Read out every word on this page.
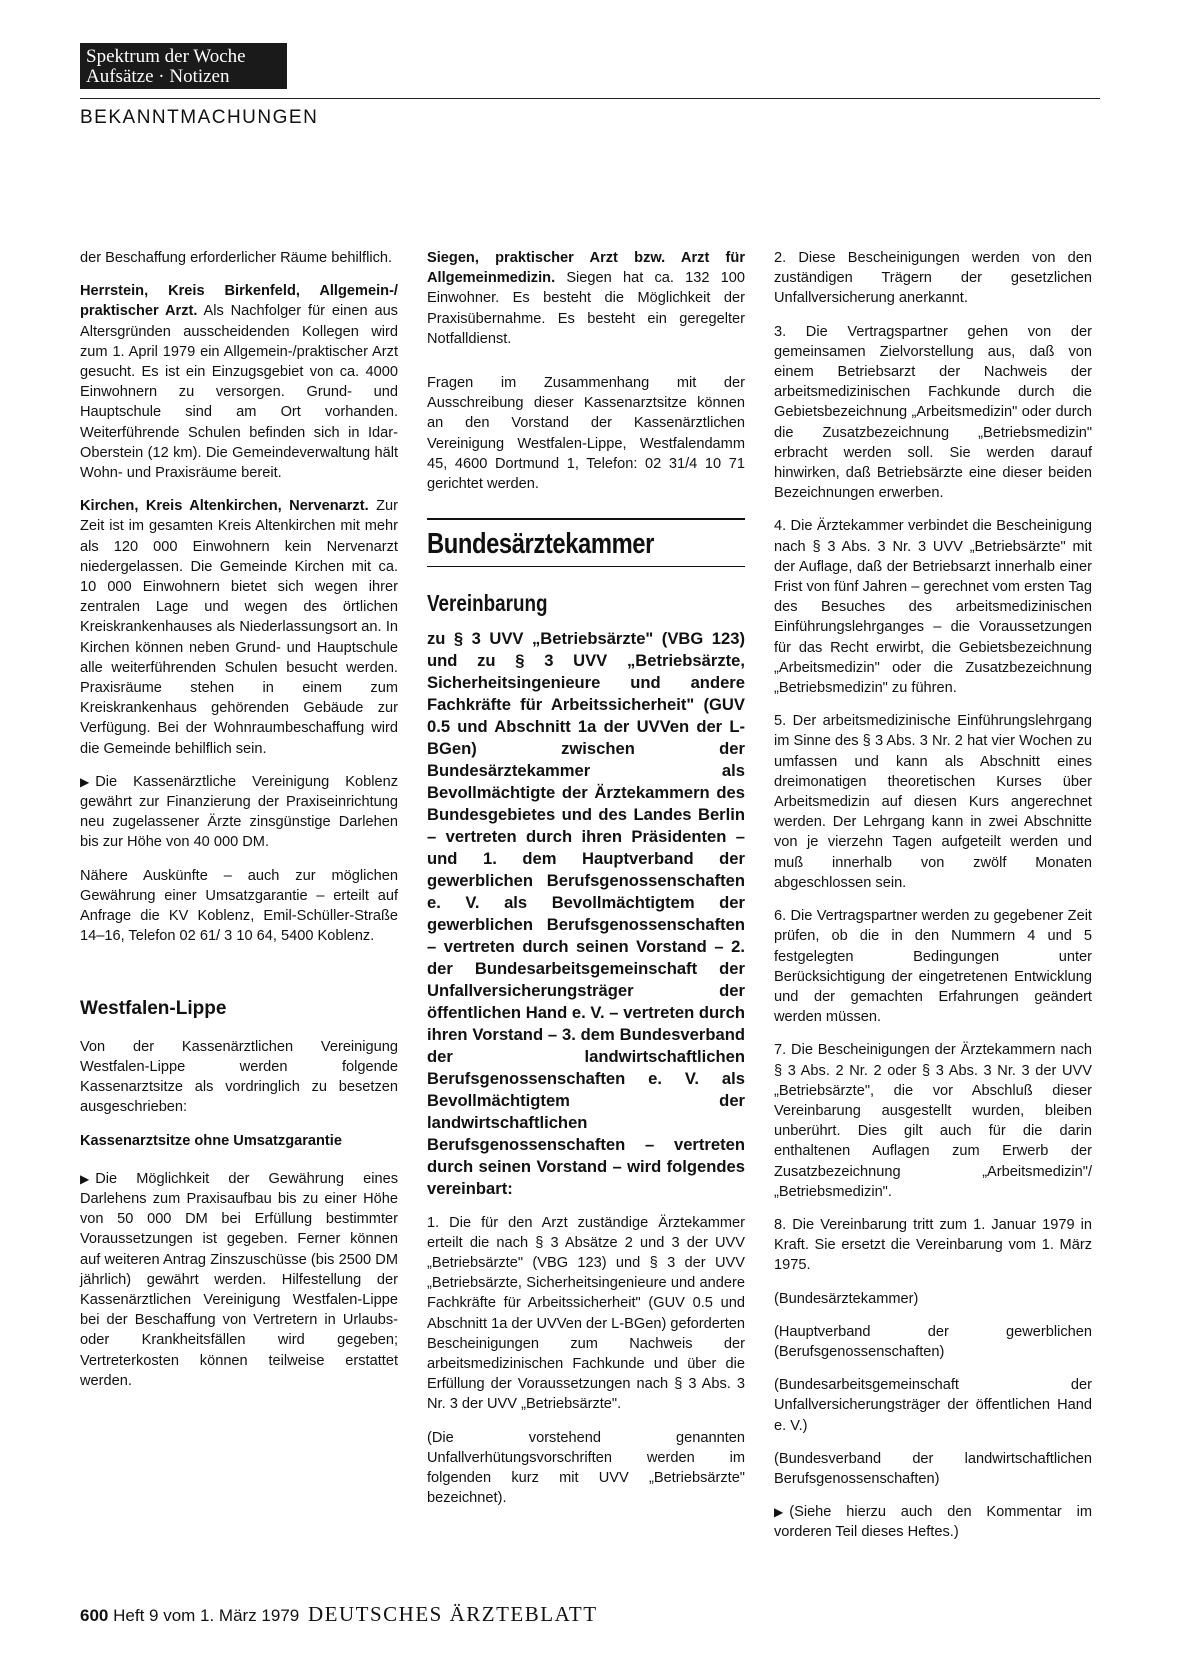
Spektrum der Woche
Aufsätze · Notizen
BEKANNTMACHUNGEN

der Beschaffung erforderlicher Räume behilflich.

Herrstein, Kreis Birkenfeld, Allgemein-/ praktischer Arzt. Als Nachfolger für einen aus Altersgründen ausscheidenden Kollegen wird zum 1. April 1979 ein Allgemein-/praktischer Arzt gesucht. Es ist ein Einzugsgebiet von ca. 4000 Einwohnern zu versorgen. Grund- und Hauptschule sind am Ort vorhanden. Weiterführende Schulen befinden sich in Idar-Oberstein (12 km). Die Gemeindeverwaltung hält Wohn- und Praxisräume bereit.

Kirchen, Kreis Altenkirchen, Nervenarzt. Zur Zeit ist im gesamten Kreis Altenkirchen mit mehr als 120 000 Einwohnern kein Nervenarzt niedergelassen. Die Gemeinde Kirchen mit ca. 10 000 Einwohnern bietet sich wegen ihrer zentralen Lage und wegen des örtlichen Kreiskrankenhauses als Niederlassungsort an. In Kirchen können neben Grund- und Hauptschule alle weiterführenden Schulen besucht werden. Praxisräume stehen in einem zum Kreiskrankenhaus gehörenden Gebäude zur Verfügung. Bei der Wohnraumbeschaffung wird die Gemeinde behilflich sein.

▶ Die Kassenärztliche Vereinigung Koblenz gewährt zur Finanzierung der Praxiseinrichtung neu zugelassener Ärzte zinsgünstige Darlehen bis zur Höhe von 40 000 DM.

Nähere Auskünfte – auch zur möglichen Gewährung einer Umsatzgarantie – erteilt auf Anfrage die KV Koblenz, Emil-Schüller-Straße 14–16, Telefon 02 61/ 3 10 64, 5400 Koblenz.

Westfalen-Lippe

Von der Kassenärztlichen Vereinigung Westfalen-Lippe werden folgende Kassenarztsitze als vordringlich zu besetzen ausgeschrieben:

Kassenarztsitze ohne Umsatzgarantie

▶ Die Möglichkeit der Gewährung eines Darlehens zum Praxisaufbau bis zu einer Höhe von 50 000 DM bei Erfüllung bestimmter Voraussetzungen ist gegeben. Ferner können auf weiteren Antrag Zinszuschüsse (bis 2500 DM jährlich) gewährt werden. Hilfestellung der Kassenärztlichen Vereinigung Westfalen-Lippe bei der Beschaffung von Vertretern in Urlaubs- oder Krankheitsfällen wird gegeben; Vertreterkosten können teilweise erstattet werden.

Siegen, praktischer Arzt bzw. Arzt für Allgemeinmedizin. Siegen hat ca. 132 100 Einwohner. Es besteht die Möglichkeit der Praxisübernahme. Es besteht ein geregelter Notfalldienst.

Fragen im Zusammenhang mit der Ausschreibung dieser Kassenarztsitze können an den Vorstand der Kassenärztlichen Vereinigung Westfalen-Lippe, Westfalendamm 45, 4600 Dortmund 1, Telefon: 02 31/4 10 71 gerichtet werden.

Bundesärztekammer
Vereinbarung

zu § 3 UVV „Betriebsärzte" (VBG 123) und zu § 3 UVV „Betriebsärzte, Sicherheitsingenieure und andere Fachkräfte für Arbeitssicherheit" (GUV 0.5 und Abschnitt 1a der UVVen der L-BGen) zwischen der Bundesärztekammer als Bevollmächtigte der Ärztekammern des Bundesgebietes und des Landes Berlin – vertreten durch ihren Präsidenten – und 1. dem Hauptverband der gewerblichen Berufsgenossenschaften e. V. als Bevollmächtigtem der gewerblichen Berufsgenossenschaften – vertreten durch seinen Vorstand – 2. der Bundesarbeitsgemeinschaft der Unfallversicherungsträger der öffentlichen Hand e. V. – vertreten durch ihren Vorstand – 3. dem Bundesverband der landwirtschaftlichen Berufsgenossenschaften e. V. als Bevollmächtigtem der landwirtschaftlichen Berufsgenossenschaften – vertreten durch seinen Vorstand – wird folgendes vereinbart:

1. Die für den Arzt zuständige Ärztekammer erteilt die nach § 3 Absätze 2 und 3 der UVV „Betriebsärzte" (VBG 123) und § 3 der UVV „Betriebsärzte, Sicherheitsingenieure und andere Fachkräfte für Arbeitssicherheit" (GUV 0.5 und Abschnitt 1a der UVVen der L-BGen) geforderten Bescheinigungen zum Nachweis der arbeitsmedizinischen Fachkunde und über die Erfüllung der Voraussetzungen nach § 3 Abs. 3 Nr. 3 der UVV „Betriebsärzte".

(Die vorstehend genannten Unfallverhütungsvorschriften werden im folgenden kurz mit UVV „Betriebsärzte" bezeichnet).

2. Diese Bescheinigungen werden von den zuständigen Trägern der gesetzlichen Unfallversicherung anerkannt.

3. Die Vertragspartner gehen von der gemeinsamen Zielvorstellung aus, daß von einem Betriebsarzt der Nachweis der arbeitsmedizinischen Fachkunde durch die Gebietsbezeichnung „Arbeitsmedizin" oder durch die Zusatzbezeichnung „Betriebsmedizin" erbracht werden soll. Sie werden darauf hinwirken, daß Betriebsärzte eine dieser beiden Bezeichnungen erwerben.

4. Die Ärztekammer verbindet die Bescheinigung nach § 3 Abs. 3 Nr. 3 UVV „Betriebsärzte" mit der Auflage, daß der Betriebsarzt innerhalb einer Frist von fünf Jahren – gerechnet vom ersten Tag des Besuches des arbeitsmedizinischen Einführungslehrganges – die Voraussetzungen für das Recht erwirbt, die Gebietsbezeichnung „Arbeitsmedizin" oder die Zusatzbezeichnung „Betriebsmedizin" zu führen.

5. Der arbeitsmedizinische Einführungslehrgang im Sinne des § 3 Abs. 3 Nr. 2 hat vier Wochen zu umfassen und kann als Abschnitt eines dreimonatigen theoretischen Kurses über Arbeitsmedizin auf diesen Kurs angerechnet werden. Der Lehrgang kann in zwei Abschnitte von je vierzehn Tagen aufgeteilt werden und muß innerhalb von zwölf Monaten abgeschlossen sein.

6. Die Vertragspartner werden zu gegebener Zeit prüfen, ob die in den Nummern 4 und 5 festgelegten Bedingungen unter Berücksichtigung der eingetretenen Entwicklung und der gemachten Erfahrungen geändert werden müssen.

7. Die Bescheinigungen der Ärztekammern nach § 3 Abs. 2 Nr. 2 oder § 3 Abs. 3 Nr. 3 der UVV „Betriebsärzte", die vor Abschluß dieser Vereinbarung ausgestellt wurden, bleiben unberührt. Dies gilt auch für die darin enthaltenen Auflagen zum Erwerb der Zusatzbezeichnung „Arbeitsmedizin"/„Betriebsmedizin".

8. Die Vereinbarung tritt zum 1. Januar 1979 in Kraft. Sie ersetzt die Vereinbarung vom 1. März 1975.

(Bundesärztekammer)

(Hauptverband der gewerblichen (Berufsgenossenschaften)

(Bundesarbeitsgemeinschaft der Unfallversicherungsträger der öffentlichen Hand e. V.)

(Bundesverband der landwirtschaftlichen Berufsgenossenschaften)

▶ (Siehe hierzu auch den Kommentar im vorderen Teil dieses Heftes.)

600 Heft 9 vom 1. März 1979 DEUTSCHES ÄRZTEBLATT
